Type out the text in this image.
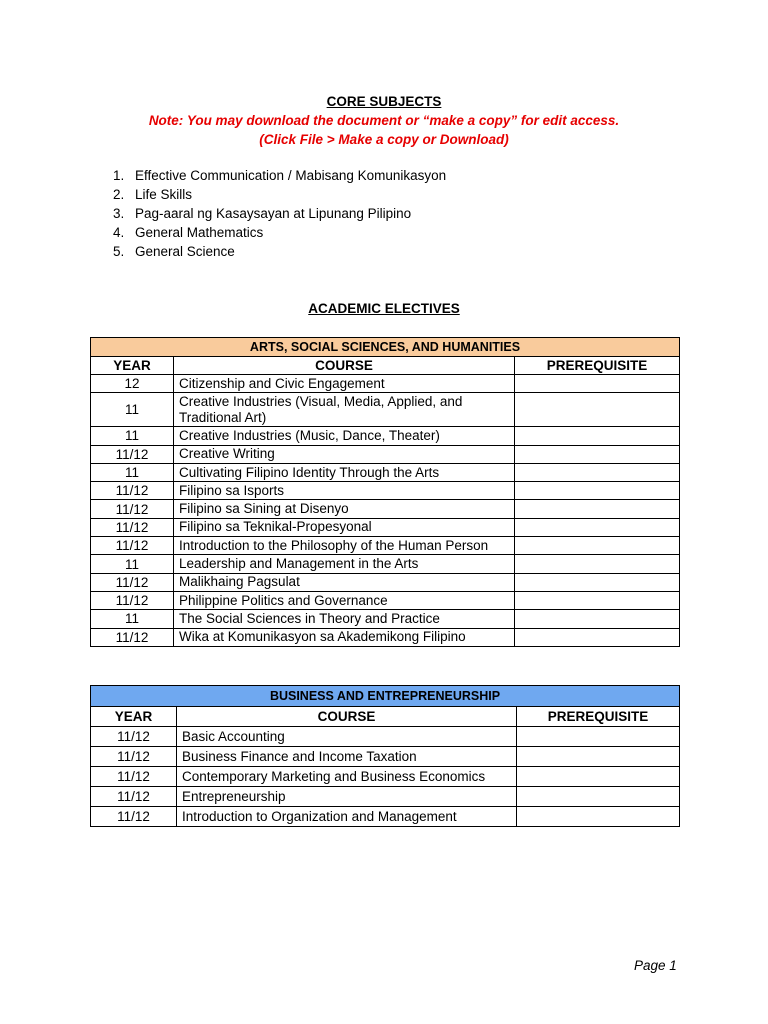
CORE SUBJECTS
Note: You may download the document or “make a copy” for edit access.
(Click File > Make a copy or Download)
1. Effective Communication / Mabisang Komunikasyon
2. Life Skills
3. Pag-aaral ng Kasaysayan at Lipunang Pilipino
4. General Mathematics
5. General Science
ACADEMIC ELECTIVES
ARTS, SOCIAL SCIENCES, AND HUMANITIES		
YEAR	COURSE	PREREQUISITE
12	Citizenship and Civic Engagement	
11	Creative Industries (Visual, Media, Applied, and Traditional Art)	
11	Creative Industries (Music, Dance, Theater)	
11/12	Creative Writing	
11	Cultivating Filipino Identity Through the Arts	
11/12	Filipino sa Isports	
11/12	Filipino sa Sining at Disenyo	
11/12	Filipino sa Teknikal-Propesyonal	
11/12	Introduction to the Philosophy of the Human Person	
11	Leadership and Management in the Arts	
11/12	Malikhaing Pagsulat	
11/12	Philippine Politics and Governance	
11	The Social Sciences in Theory and Practice	
11/12	Wika at Komunikasyon sa Akademikong Filipino	
BUSINESS AND ENTREPRENEURSHIP		
YEAR	COURSE	PREREQUISITE
11/12	Basic Accounting	
11/12	Business Finance and Income Taxation	
11/12	Contemporary Marketing and Business Economics	
11/12	Entrepreneurship	
11/12	Introduction to Organization and Management	
Page 1
